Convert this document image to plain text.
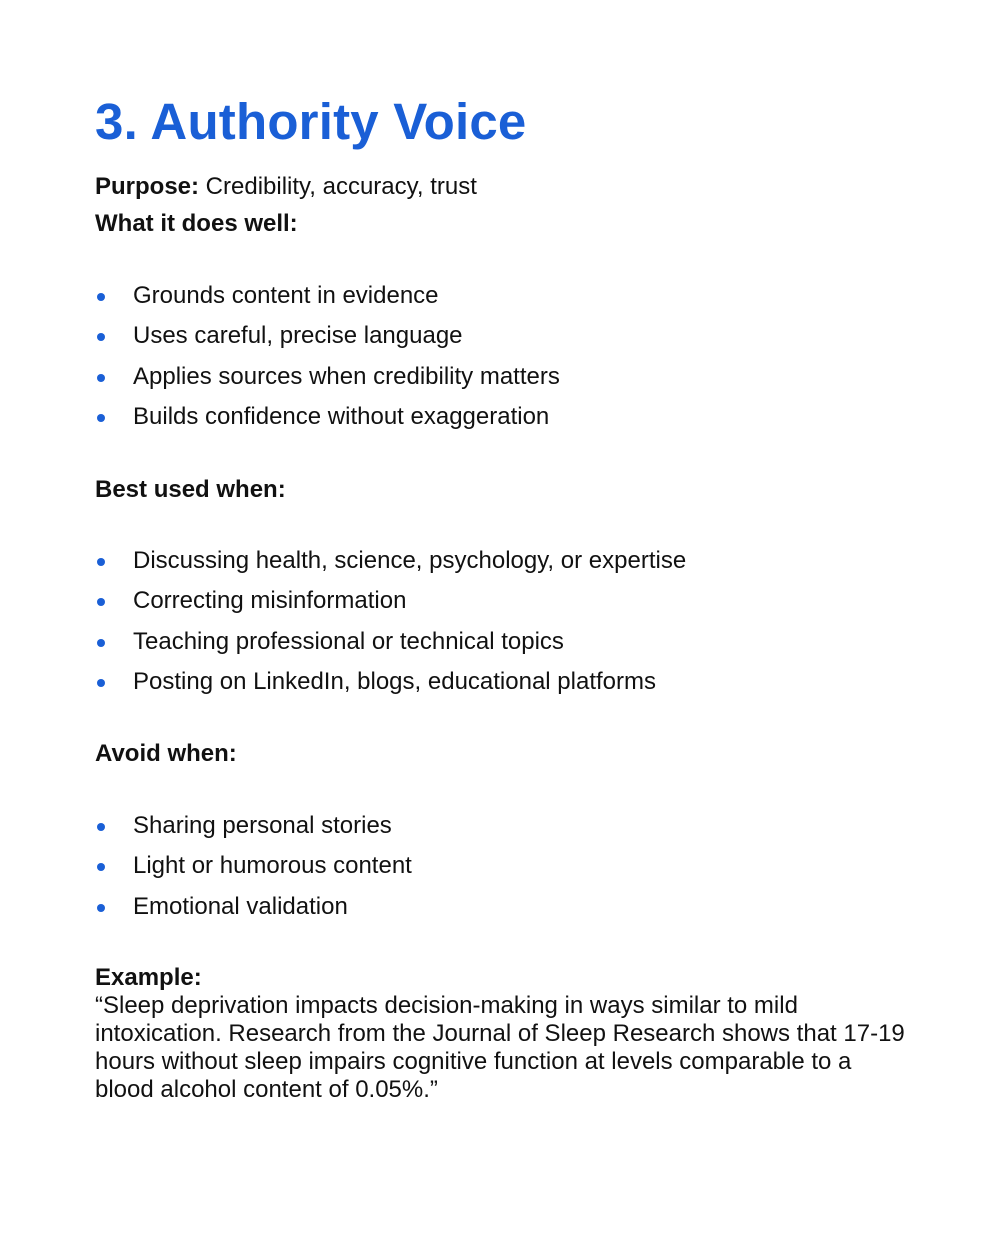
3. Authority Voice
Purpose: Credibility, accuracy, trust
What it does well:
Grounds content in evidence
Uses careful, precise language
Applies sources when credibility matters
Builds confidence without exaggeration
Best used when:
Discussing health, science, psychology, or expertise
Correcting misinformation
Teaching professional or technical topics
Posting on LinkedIn, blogs, educational platforms
Avoid when:
Sharing personal stories
Light or humorous content
Emotional validation
Example:

“Sleep deprivation impacts decision-making in ways similar to mild intoxication. Research from the Journal of Sleep Research shows that 17-19 hours without sleep impairs cognitive function at levels comparable to a blood alcohol content of 0.05%.”
